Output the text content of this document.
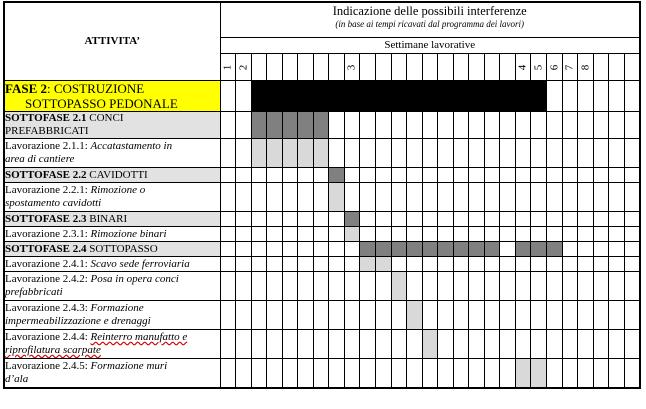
ATTIVITA’	Indicazione delle possibili interferenze
(in base ai tempi ricavati dal programma dei lavori)																										

	Settimane lavorative																										
	1	2							3											4	5	6	7	8			

FASE 2: COSTRUZIONE
SOTTOPASSO PEDONALE																											

SOTTOFASE 2.1 CONCI
PREFABBRICATI																											

Lavorazione 2.1.1: Accatastamento in
area di cantiere																											

SOTTOFASE 2.2 CAVIDOTTI																											

Lavorazione 2.2.1: Rimozione o
spostamento cavidotti																											

SOTTOFASE 2.3 BINARI																											

Lavorazione 2.3.1: Rimozione binari																											

SOTTOFASE 2.4 SOTTOPASSO																											

Lavorazione 2.4.1: Scavo sede ferroviaria																											

Lavorazione 2.4.2: Posa in opera conci
prefabbricati																											

Lavorazione 2.4.3: Formazione
impermeabilizzazione e drenaggi																											

Lavorazione 2.4.4: Reinterro manufatto e
riprofilatura scarpate																											

Lavorazione 2.4.5: Formazione muri
d’ala																											
